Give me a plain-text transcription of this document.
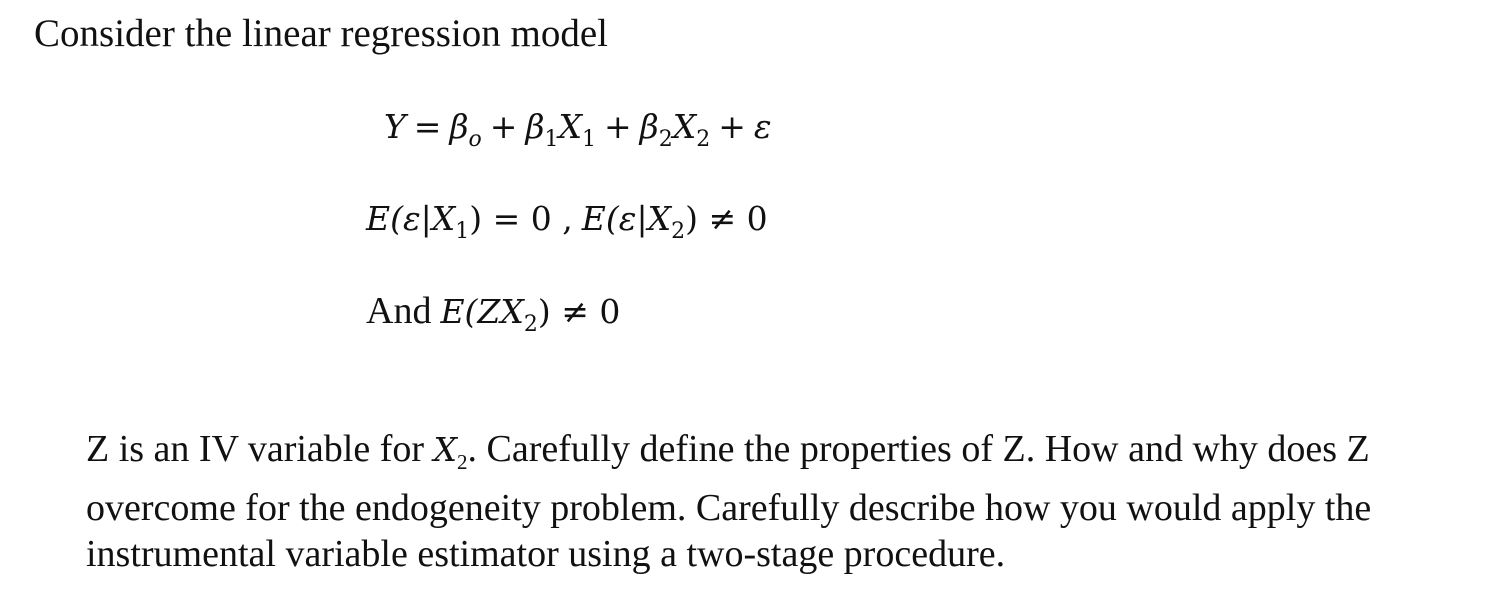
Consider the linear regression model
$Y = \beta_o + \beta_1X_1 + \beta_2X_2 + \varepsilon$
$E(\varepsilon|X_1) = 0$ , $E(\varepsilon|X_2) \ne 0$
And $E(ZX_2) \ne 0$
Z is an IV variable for $X_2$. Carefully define the properties of Z. How and why does Z
overcome for the endogeneity problem. Carefully describe how you would apply the
instrumental variable estimator using a two-stage procedure.
